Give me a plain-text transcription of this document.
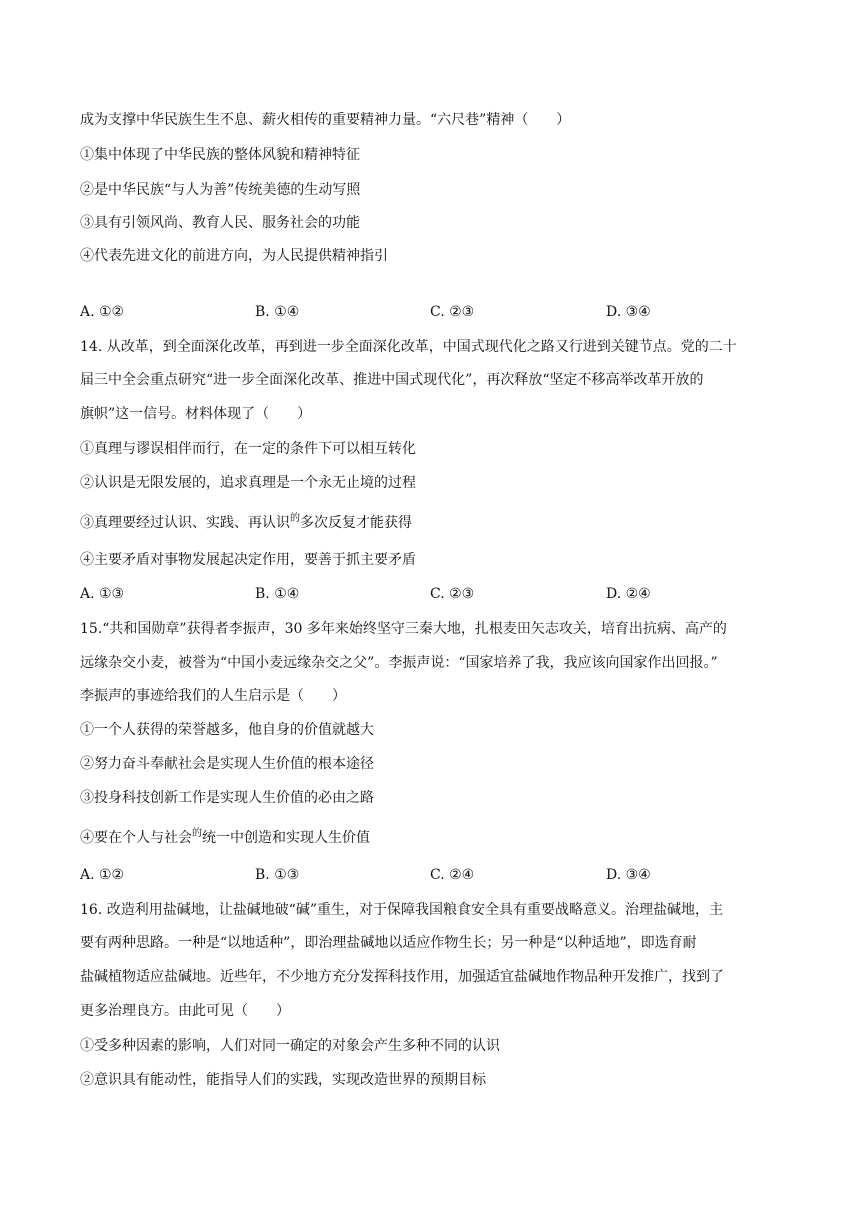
成为支撑中华民族生生不息、薪火相传的重要精神力量。“六尺巷”精神（　　）
①集中体现了中华民族的整体风貌和精神特征
②是中华民族“与人为善”传统美德的生动写照
③具有引领风尚、教育人民、服务社会的功能
④代表先进文化的前进方向，为人民提供精神指引
A. ①②	B. ①④	C. ②③	D. ③④
14. 从改革，到全面深化改革，再到进一步全面深化改革，中国式现代化之路又行进到关键节点。党的二十
届三中全会重点研究“进一步全面深化改革、推进中国式现代化”，再次释放“坚定不移高举改革开放的
旗帜”这一信号。材料体现了（　　）
①真理与谬误相伴而行，在一定的条件下可以相互转化
②认识是无限发展的，追求真理是一个永无止境的过程
③真理要经过认识、实践、再认识$^的$多次反复才能获得
④主要矛盾对事物发展起决定作用，要善于抓主要矛盾
A. ①③	B. ①④	C. ②③	D. ②④
15.“共和国勋章”获得者李振声，30 多年来始终坚守三秦大地，扎根麦田矢志攻关，培育出抗病、高产的
远缘杂交小麦，被誉为“中国小麦远缘杂交之父”。李振声说：“国家培养了我，我应该向国家作出回报。”
李振声的事迹给我们的人生启示是（　　）
①一个人获得的荣誉越多，他自身的价值就越大
②努力奋斗奉献社会是实现人生价值的根本途径
③投身科技创新工作是实现人生价值的必由之路
④要在个人与社会$^的$统一中创造和实现人生价值
A. ①②	B. ①③	C. ②④	D. ③④
16. 改造利用盐碱地，让盐碱地破“碱”重生，对于保障我国粮食安全具有重要战略意义。治理盐碱地，主
要有两种思路。一种是“以地适种”，即治理盐碱地以适应作物生长；另一种是“以种适地”，即选育耐
盐碱植物适应盐碱地。近些年，不少地方充分发挥科技作用，加强适宜盐碱地作物品种开发推广，找到了
更多治理良方。由此可见（　　）
①受多种因素的影响，人们对同一确定的对象会产生多种不同的认识
②意识具有能动性，能指导人们的实践，实现改造世界的预期目标
